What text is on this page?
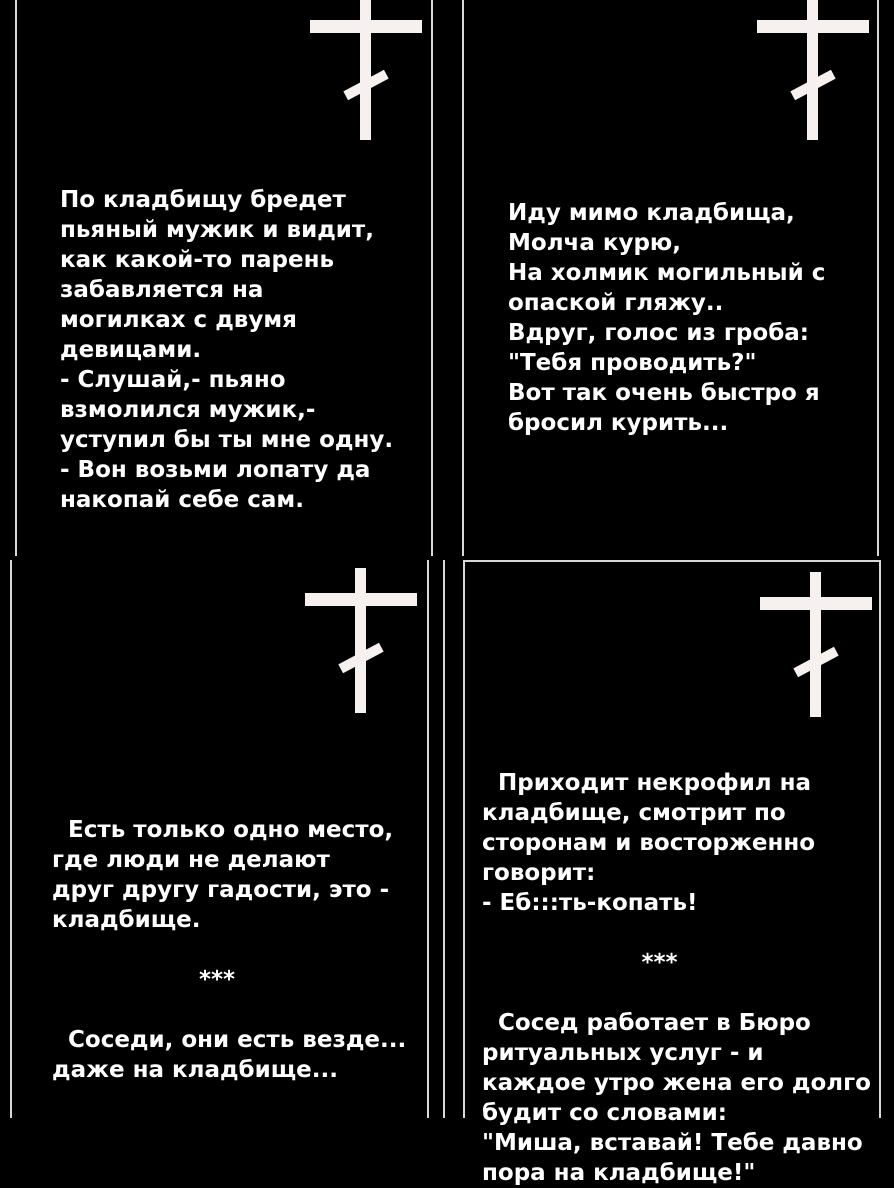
По кладбищу бредет
пьяный мужик и видит,
как какой-то парень
забавляется на
могилках с двумя
девицами.
- Слушай,- пьяно
взмолился мужик,-
уступил бы ты мне одну.
- Вон возьми лопату да
накопай себе сам.
Иду мимо кладбища,
Молча курю,
На холмик могильный с
опаской гляжу..
Вдруг, голос из гроба:
"Тебя проводить?"
Вот так очень быстро я
бросил курить...

Есть только одно место,
где люди не делают
друг другу гадости, это -
кладбище.

***

Соседи, они есть везде...
даже на кладбище...

Приходит некрофил на
кладбище, смотрит по
сторонам и восторженно
говорит:
- Еб:::ть-копать!

***

Сосед работает в Бюро
ритуальных услуг - и
каждое утро жена его долго
будит со словами:
"Миша, вставай! Тебе давно
пора на кладбище!"
